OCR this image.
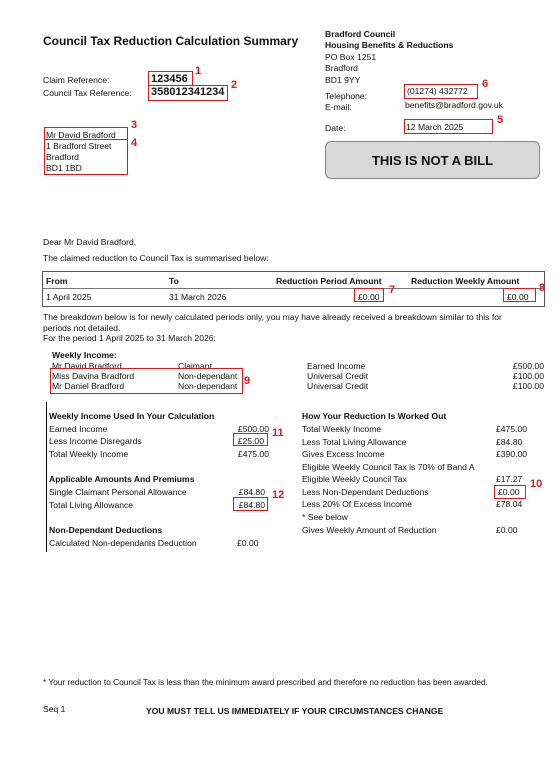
Council Tax Reduction Calculation Summary	Bradford Council
Housing Benefits & Reductions
PO Box 1251
Bradford
BD1 9YY
Claim Reference:	123456
Council Tax Reference: 358012341234	Telephone:	(01274) 432772
E-mail:	benefits@bradford.gov.uk
Date:	12 March 2025
THIS IS NOT A BILL
Mr David Bradford
1 Bradford Street
Bradford
BD1 1BD
Dear Mr David Bradford,
The claimed reduction to Council Tax is summarised below:
From	To	Reduction Period Amount	Reduction Weekly Amount
1 April 2025	31 March 2026	£0.00	£0.00
The breakdown below is for newly calculated periods only, you may have already received a breakdown similar to this for
periods not detailed.
For the period 1 April 2025 to 31 March 2026:
Weekly Income:
Mr David Bradford	Claimant
Miss Davina Bradford	Non-dependant
Mr Daniel Bradford	Non-dependant
Earned Income	£500.00
Universal Credit	£100.00
Universal Credit	£100.00
Weekly Income Used In Your Calculation
Earned Income	£500.00
Less Income Disregards	£25.00
Total Weekly Income	£475.00
Applicable Amounts And Premiums
Single Claimant Personal Allowance	£84.80
Total Living Allowance	£84.80
Non-Dependant Deductions
Calculated Non-dependants Deduction	£0.00
How Your Reduction Is Worked Out
Total Weekly Income	£475.00
Less Total Living Allowance	£84.80
Gives Excess Income	£390.00
Eligible Weekly Council Tax is 70% of Band A
Eligible Weekly Council Tax	£17.27
Less Non-Dependant Deductions	£0.00
Less 20% Of Excess Income	£78.04
* See below
Gives Weekly Amount of Reduction	£0.00
* Your reduction to Council Tax is less than the minimum award prescribed and therefore no reduction has been awarded.
Seq 1	YOU MUST TELL US IMMEDIATELY IF YOUR CIRCUMSTANCES CHANGE
1
2
3
4
5
6
7	8
9
10
11
12
